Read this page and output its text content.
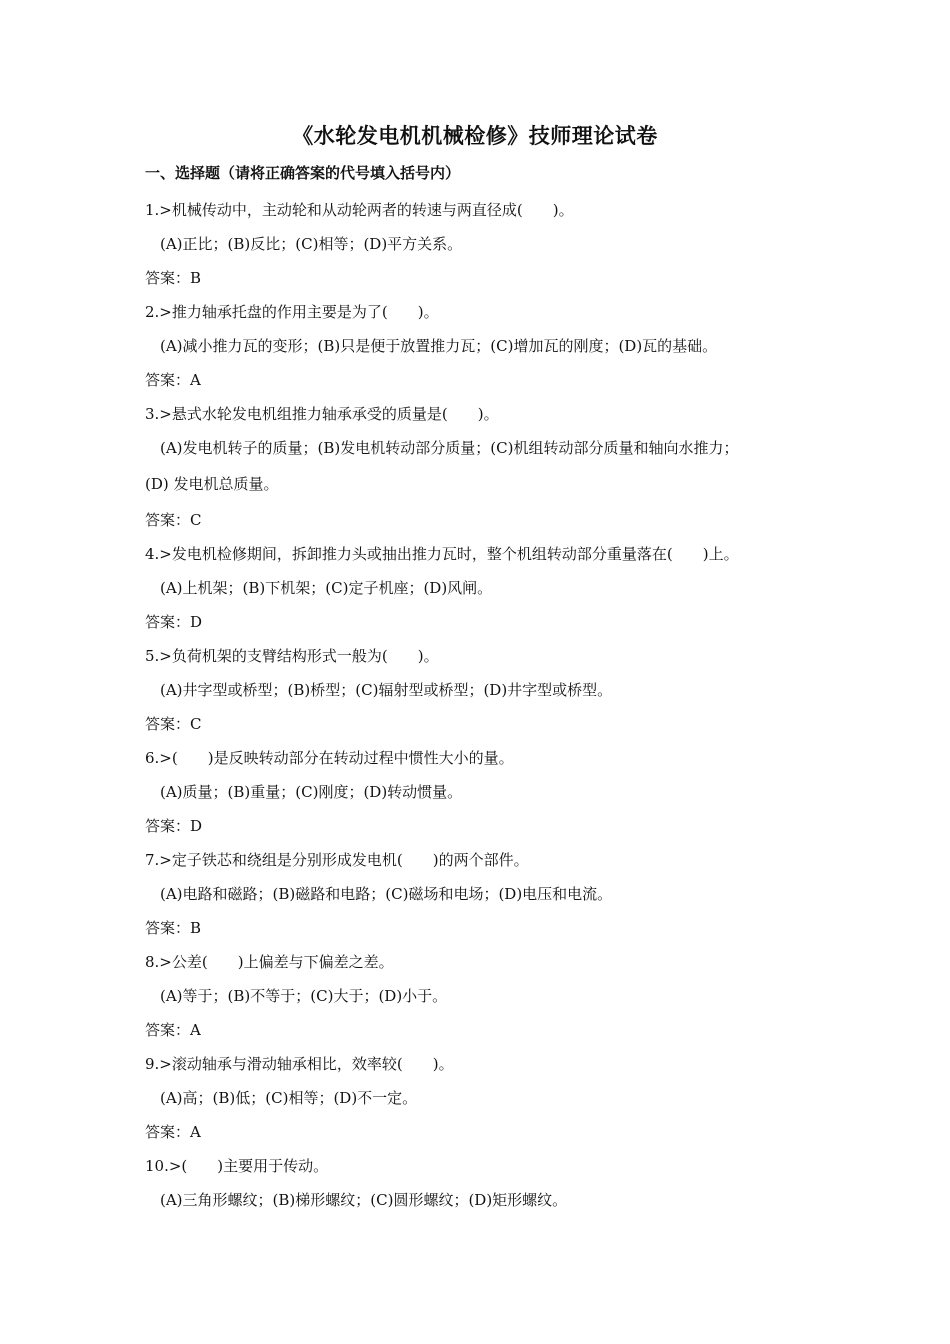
《水轮发电机机械检修》技师理论试卷
一、选择题（请将正确答案的代号填入括号内）
1.>机械传动中，主动轮和从动轮两者的转速与两直径成(　　)。
(A)正比；(B)反比；(C)相等；(D)平方关系。
答案：B
2.>推力轴承托盘的作用主要是为了(　　)。
(A)减小推力瓦的变形；(B)只是便于放置推力瓦；(C)增加瓦的刚度；(D)瓦的基础。
答案：A
3.>悬式水轮发电机组推力轴承承受的质量是(　　)。
(A)发电机转子的质量；(B)发电机转动部分质量；(C)机组转动部分质量和轴向水推力；
(D) 发电机总质量。
答案：C
4.>发电机检修期间，拆卸推力头或抽出推力瓦时，整个机组转动部分重量落在(　　)上。
(A)上机架；(B)下机架；(C)定子机座；(D)风闸。
答案：D
5.>负荷机架的支臂结构形式一般为(　　)。
(A)井字型或桥型；(B)桥型；(C)辐射型或桥型；(D)井字型或桥型。
答案：C
6.>(　　)是反映转动部分在转动过程中惯性大小的量。
(A)质量；(B)重量；(C)刚度；(D)转动惯量。
答案：D
7.>定子铁芯和绕组是分别形成发电机(　　)的两个部件。
(A)电路和磁路；(B)磁路和电路；(C)磁场和电场；(D)电压和电流。
答案：B
8.>公差(　　)上偏差与下偏差之差。
(A)等于；(B)不等于；(C)大于；(D)小于。
答案：A
9.>滚动轴承与滑动轴承相比，效率较(　　)。
(A)高；(B)低；(C)相等；(D)不一定。
答案：A
10.>(　　)主要用于传动。
(A)三角形螺纹；(B)梯形螺纹；(C)圆形螺纹；(D)矩形螺纹。
